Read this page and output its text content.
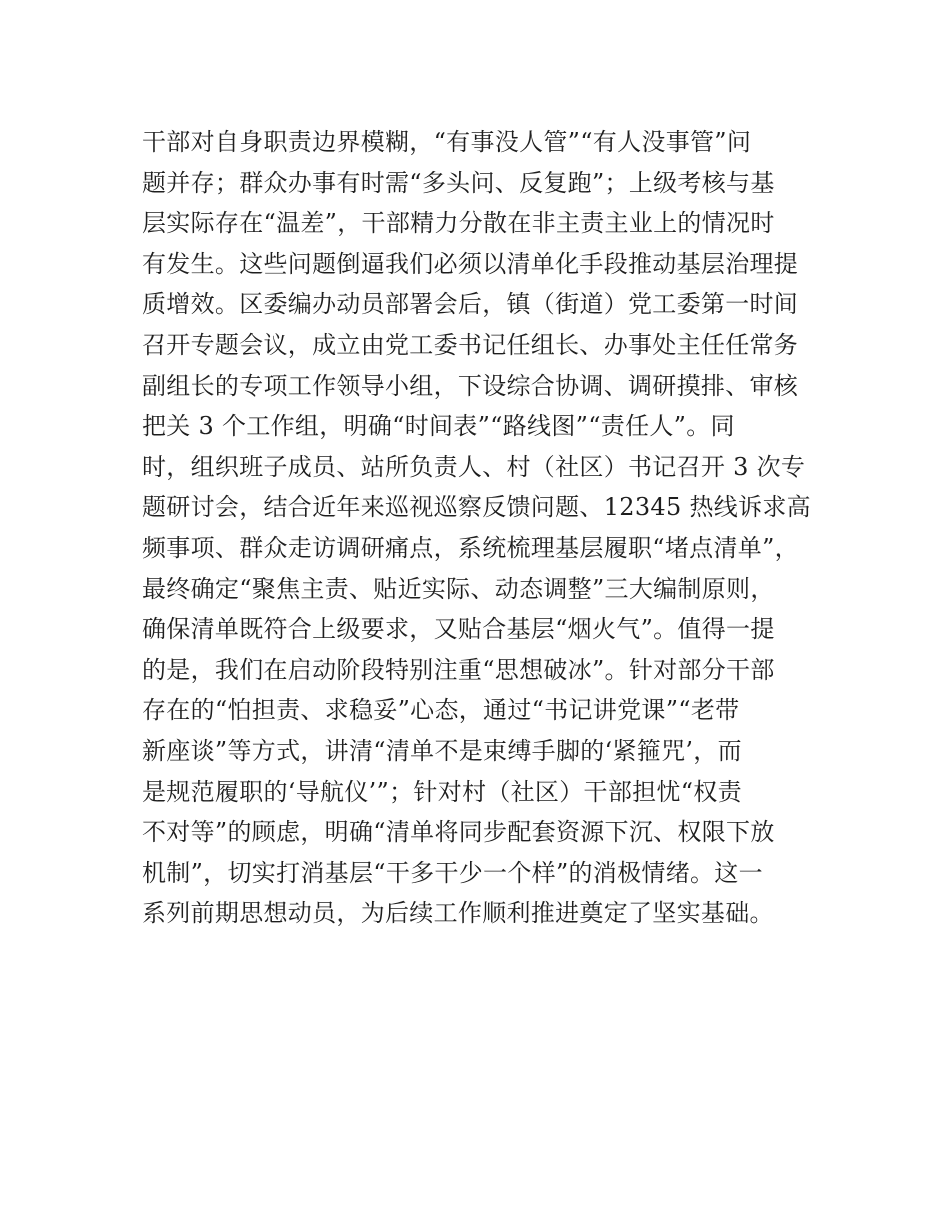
干部对自身职责边界模糊，“有事没人管”“有人没事管”问
题并存；群众办事有时需“多头问、反复跑”；上级考核与基
层实际存在“温差”，干部精力分散在非主责主业上的情况时
有发生。这些问题倒逼我们必须以清单化手段推动基层治理提
质增效。区委编办动员部署会后，镇（街道）党工委第一时间
召开专题会议，成立由党工委书记任组长、办事处主任任常务
副组长的专项工作领导小组，下设综合协调、调研摸排、审核
把关 3 个工作组，明确“时间表”“路线图”“责任人”。同
时，组织班子成员、站所负责人、村（社区）书记召开 3 次专
题研讨会，结合近年来巡视巡察反馈问题、12345 热线诉求高
频事项、群众走访调研痛点，系统梳理基层履职“堵点清单”，
最终确定“聚焦主责、贴近实际、动态调整”三大编制原则，
确保清单既符合上级要求，又贴合基层“烟火气”。值得一提
的是，我们在启动阶段特别注重“思想破冰”。针对部分干部
存在的“怕担责、求稳妥”心态，通过“书记讲党课”“老带
新座谈”等方式，讲清“清单不是束缚手脚的‘紧箍咒’，而
是规范履职的‘导航仪’”；针对村（社区）干部担忧“权责
不对等”的顾虑，明确“清单将同步配套资源下沉、权限下放
机制”，切实打消基层“干多干少一个样”的消极情绪。这一
系列前期思想动员，为后续工作顺利推进奠定了坚实基础。
